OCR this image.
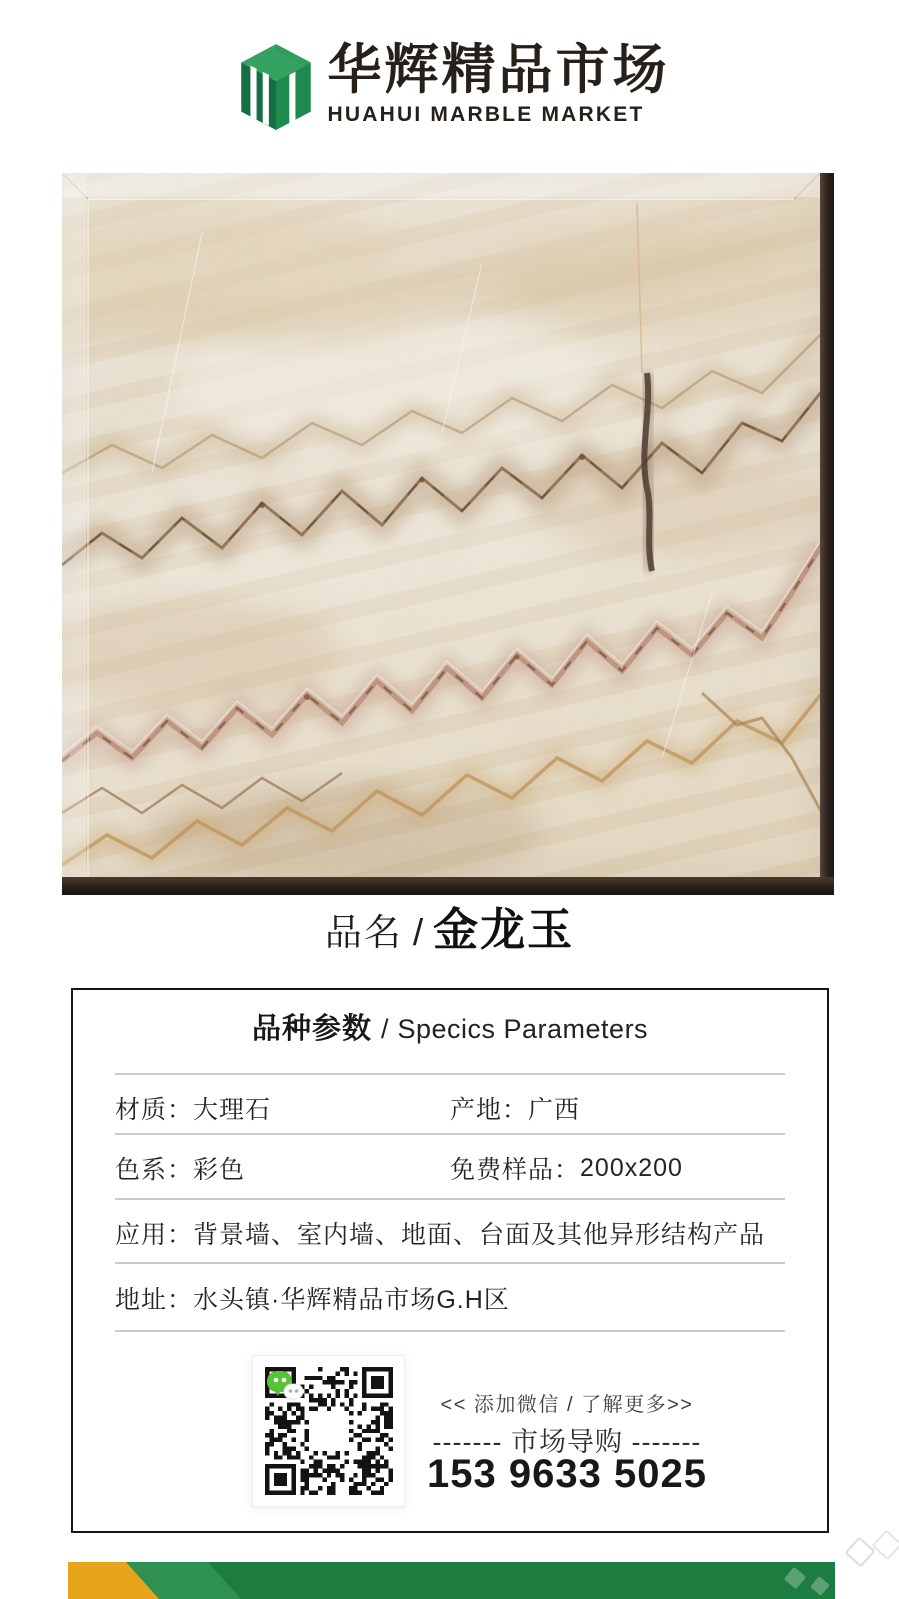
华辉精品市场
HUAHUI MARBLE MARKET
品名 / 金龙玉
品种参数 / Specics Parameters
材质： 大理石	产地： 广西
色系： 彩色	免费样品： 200x200
应用： 背景墙、室内墙、地面、台面及其他异形结构产品
地址： 水头镇·华辉精品市场G.H区
<< 添加微信 / 了解更多>>
------- 市场导购 -------
153 9633 5025
